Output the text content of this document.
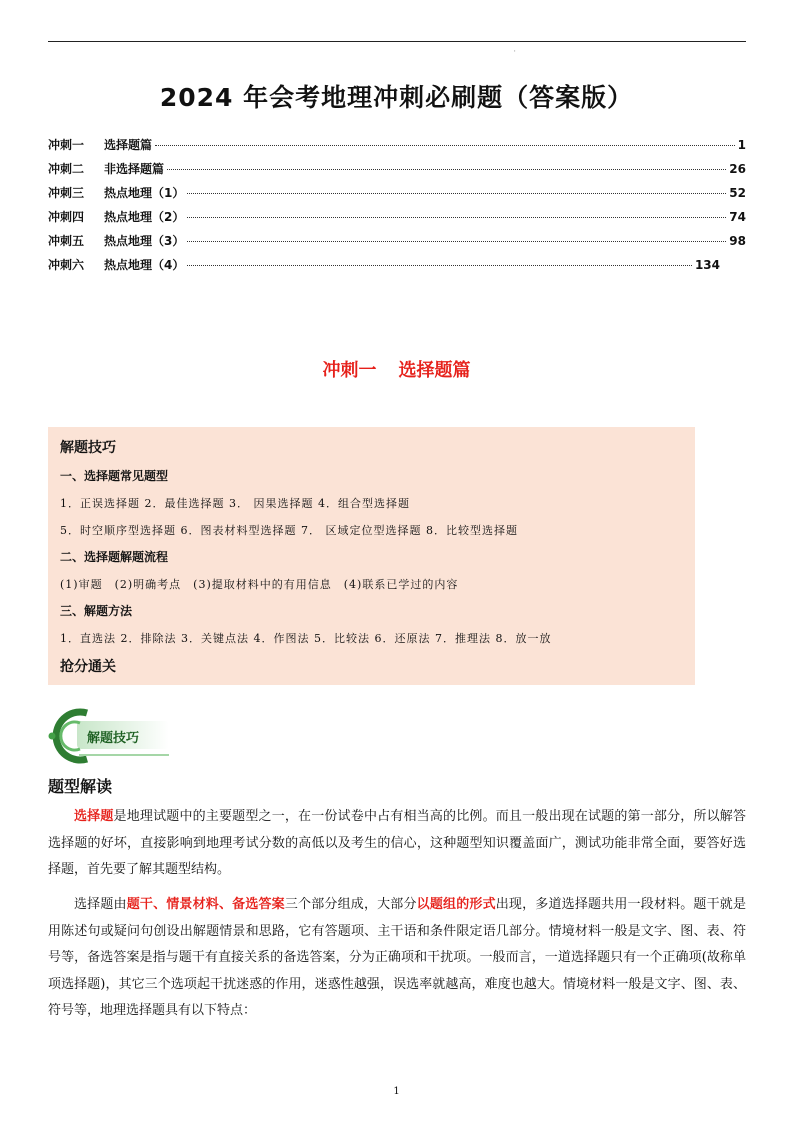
'
2024 年会考地理冲刺必刷题（答案版）
冲刺一	选择题篇	1
冲刺二	非选择题篇	26
冲刺三	热点地理（1）	52
冲刺四	热点地理（2）	74
冲刺五	热点地理（3）	98
冲刺六	热点地理（4）	134
冲刺一 选择题篇
解题技巧
一、选择题常见题型
1．正误选择题 2．最佳选择题 3． 因果选择题 4．组合型选择题
5．时空顺序型选择题 6．图表材料型选择题 7． 区域定位型选择题 8．比较型选择题
二、选择题解题流程
(1)审题　(2)明确考点　(3)提取材料中的有用信息　(4)联系已学过的内容
三、解题方法
1．直选法 2．排除法 3．关键点法 4．作图法 5．比较法 6．还原法 7．推理法 8．放一放
抢分通关
解题技巧
题型解读

选择题是地理试题中的主要题型之一，在一份试卷中占有相当高的比例。而且一般出现在试题的第一部分，所以解答选择题的好坏，直接影响到地理考试分数的高低以及考生的信心，这种题型知识覆盖面广，测试功能非常全面，要答好选择题，首先要了解其题型结构。

选择题由题干、情景材料、备选答案三个部分组成，大部分以题组的形式出现，多道选择题共用一段材料。题干就是用陈述句或疑问句创设出解题情景和思路，它有答题项、主干语和条件限定语几部分。情境材料一般是文字、图、表、符号等，备选答案是指与题干有直接关系的备选答案，分为正确项和干扰项。一般而言，一道选择题只有一个正确项(故称单项选择题)，其它三个选项起干扰迷惑的作用，迷惑性越强，误选率就越高，难度也越大。情境材料一般是文字、图、表、符号等，地理选择题具有以下特点：

1
